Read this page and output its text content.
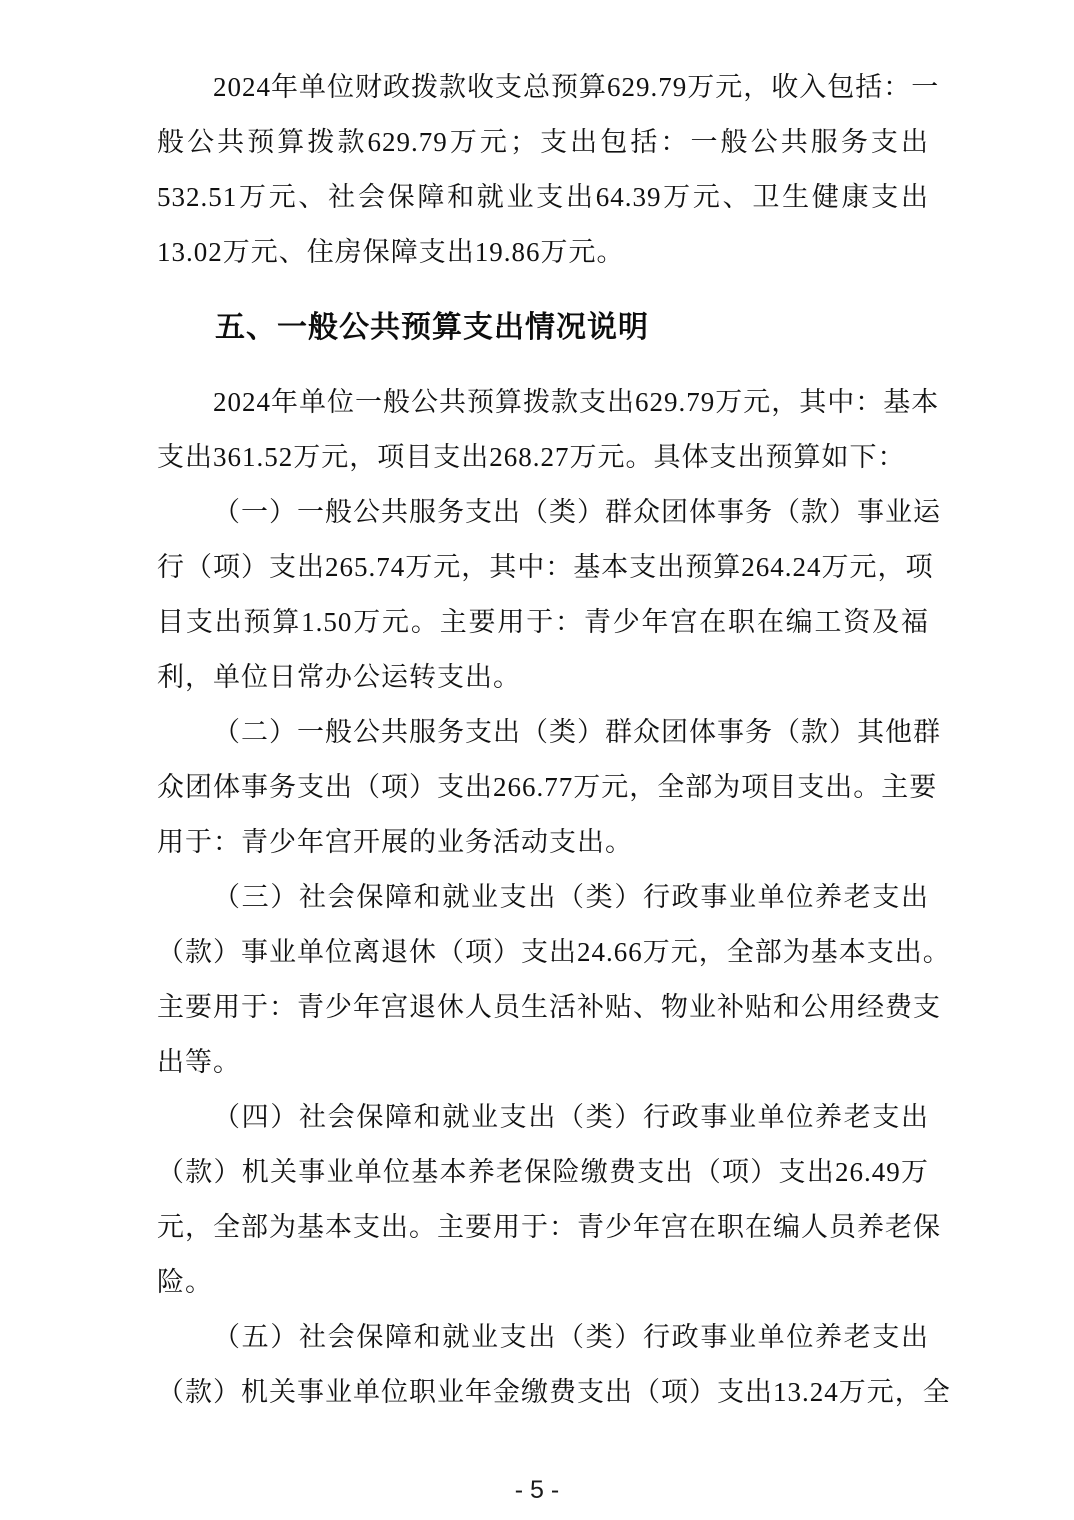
2024年单位财政拨款收支总预算629.79万元，收入包括：一
般公共预算拨款629.79万元；支出包括：一般公共服务支出
532.51万元、社会保障和就业支出64.39万元、卫生健康支出
13.02万元、住房保障支出19.86万元。

五、一般公共预算支出情况说明

2024年单位一般公共预算拨款支出629.79万元，其中：基本
支出361.52万元，项目支出268.27万元。具体支出预算如下：

（一）一般公共服务支出（类）群众团体事务（款）事业运
行（项）支出265.74万元，其中：基本支出预算264.24万元，项
目支出预算1.50万元。主要用于：青少年宫在职在编工资及福
利，单位日常办公运转支出。

（二）一般公共服务支出（类）群众团体事务（款）其他群
众团体事务支出（项）支出266.77万元，全部为项目支出。主要
用于：青少年宫开展的业务活动支出。

（三）社会保障和就业支出（类）行政事业单位养老支出
（款）事业单位离退休（项）支出24.66万元，全部为基本支出。
主要用于：青少年宫退休人员生活补贴、物业补贴和公用经费支
出等。

（四）社会保障和就业支出（类）行政事业单位养老支出
（款）机关事业单位基本养老保险缴费支出（项）支出26.49万
元，全部为基本支出。主要用于：青少年宫在职在编人员养老保
险。

（五）社会保障和就业支出（类）行政事业单位养老支出
（款）机关事业单位职业年金缴费支出（项）支出13.24万元，全

- 5 -
